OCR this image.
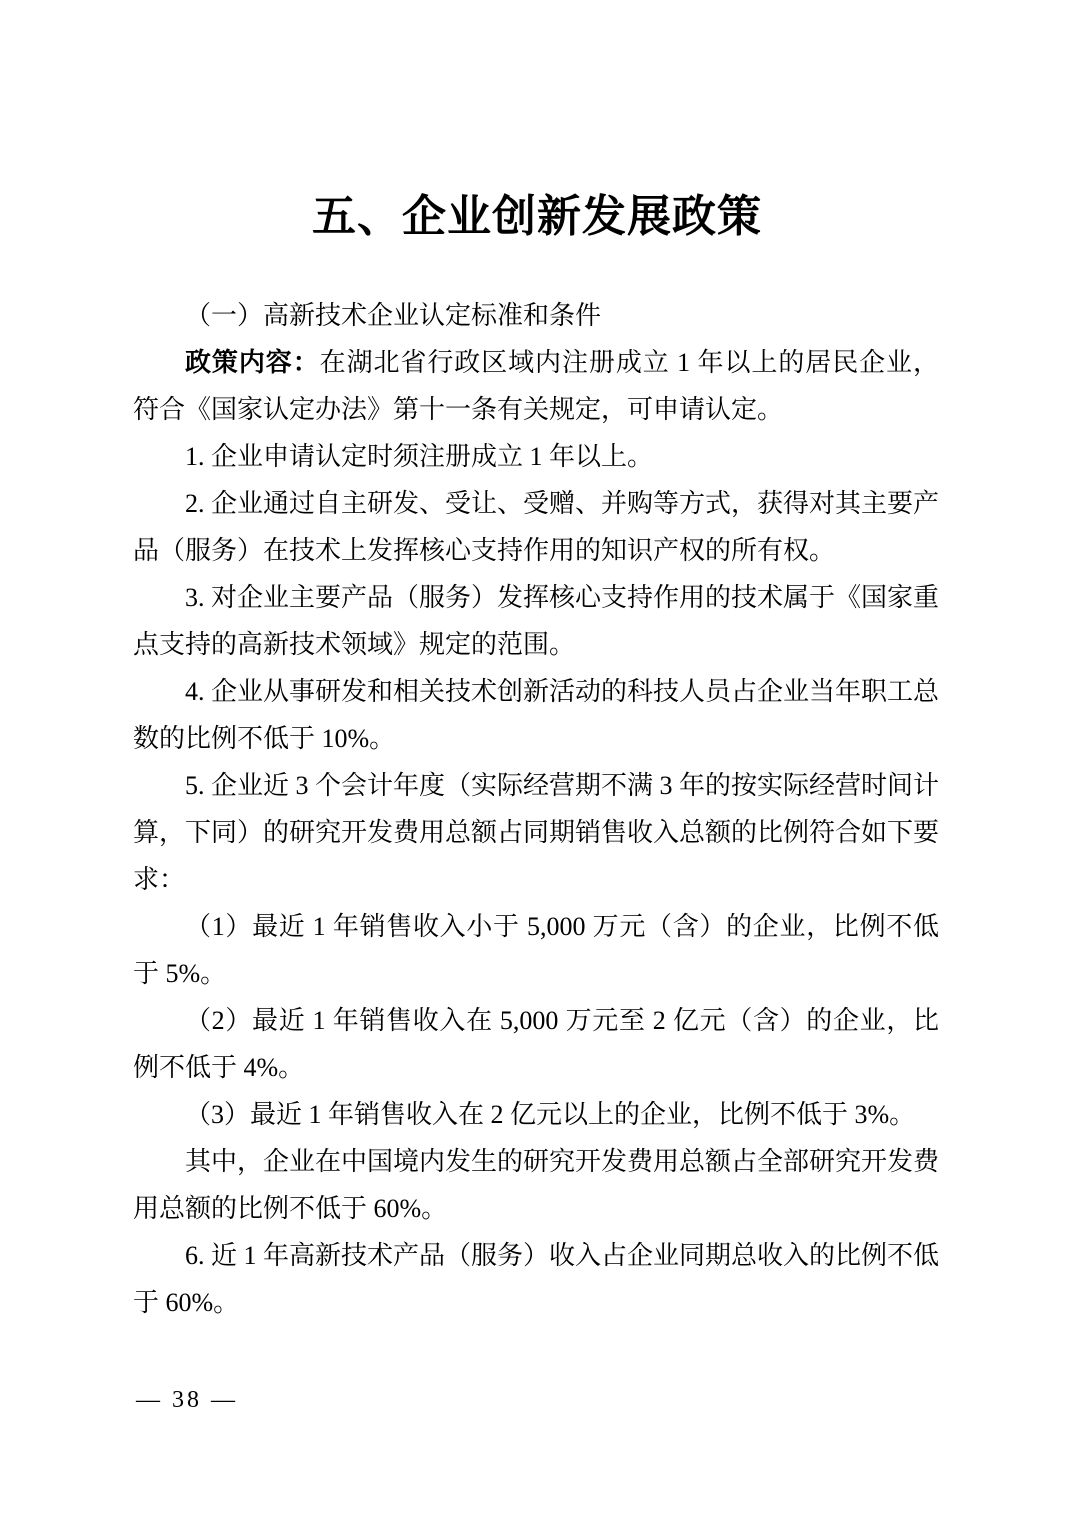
五、企业创新发展政策

（一）高新技术企业认定标准和条件

政策内容：在湖北省行政区域内注册成立 1 年以上的居民企业，符合《国家认定办法》第十一条有关规定，可申请认定。

1. 企业申请认定时须注册成立 1 年以上。

2. 企业通过自主研发、受让、受赠、并购等方式，获得对其主要产品（服务）在技术上发挥核心支持作用的知识产权的所有权。

3. 对企业主要产品（服务）发挥核心支持作用的技术属于《国家重点支持的高新技术领域》规定的范围。

4. 企业从事研发和相关技术创新活动的科技人员占企业当年职工总数的比例不低于 10%。

5. 企业近 3 个会计年度（实际经营期不满 3 年的按实际经营时间计算，下同）的研究开发费用总额占同期销售收入总额的比例符合如下要求：

（1）最近 1 年销售收入小于 5,000 万元（含）的企业，比例不低于 5%。

（2）最近 1 年销售收入在 5,000 万元至 2 亿元（含）的企业，比例不低于 4%。

（3）最近 1 年销售收入在 2 亿元以上的企业，比例不低于 3%。

其中，企业在中国境内发生的研究开发费用总额占全部研究开发费用总额的比例不低于 60%。

6. 近 1 年高新技术产品（服务）收入占企业同期总收入的比例不低于 60%。

— 38 —
